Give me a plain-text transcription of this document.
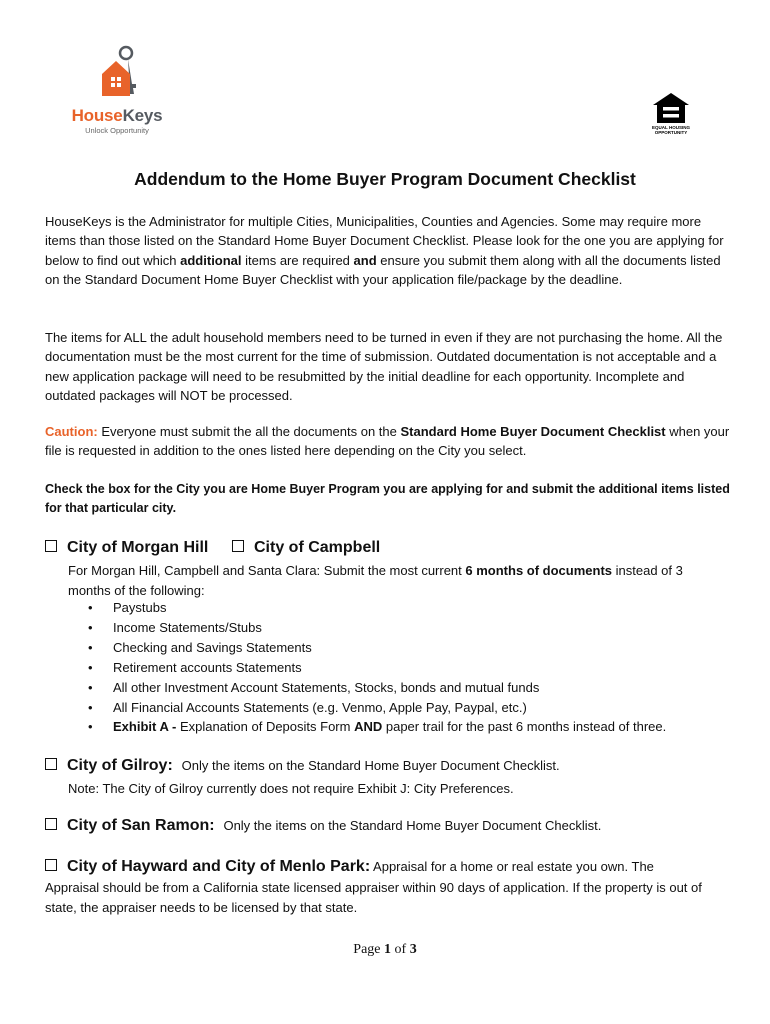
HouseKeys
Unlock Opportunity	EQUAL HOUSING OPPORTUNITY
Addendum to the Home Buyer Program Document Checklist
HouseKeys is the Administrator for multiple Cities, Municipalities, Counties and Agencies. Some may require more items than those listed on the Standard Home Buyer Document Checklist. Please look for the one you are applying for below to find out which additional items are required and ensure you submit them along with all the documents listed on the Standard Document Home Buyer Checklist with your application file/package by the deadline.
The items for ALL the adult household members need to be turned in even if they are not purchasing the home. All the documentation must be the most current for the time of submission. Outdated documentation is not acceptable and a new application package will need to be resubmitted by the initial deadline for each opportunity. Incomplete and outdated packages will NOT be processed.
Caution: Everyone must submit the all the documents on the Standard Home Buyer Document Checklist when your file is requested in addition to the ones listed here depending on the City you select.
Check the box for the City you are Home Buyer Program you are applying for and submit the additional items listed for that particular city.
City of Morgan Hill	City of Campbell
For Morgan Hill, Campbell and Santa Clara: Submit the most current 6 months of documents instead of 3 months of the following:
• Paystubs
• Income Statements/Stubs
• Checking and Savings Statements
• Retirement accounts Statements
• All other Investment Account Statements, Stocks, bonds and mutual funds
• All Financial Accounts Statements (e.g. Venmo, Apple Pay, Paypal, etc.)
• Exhibit A - Explanation of Deposits Form AND paper trail for the past 6 months instead of three.
City of Gilroy: Only the items on the Standard Home Buyer Document Checklist.
Note: The City of Gilroy currently does not require Exhibit J: City Preferences.
City of San Ramon: Only the items on the Standard Home Buyer Document Checklist.
City of Hayward and City of Menlo Park: Appraisal for a home or real estate you own. The
Appraisal should be from a California state licensed appraiser within 90 days of application. If the property is out of state, the appraiser needs to be licensed by that state.
Page 1 of 3
